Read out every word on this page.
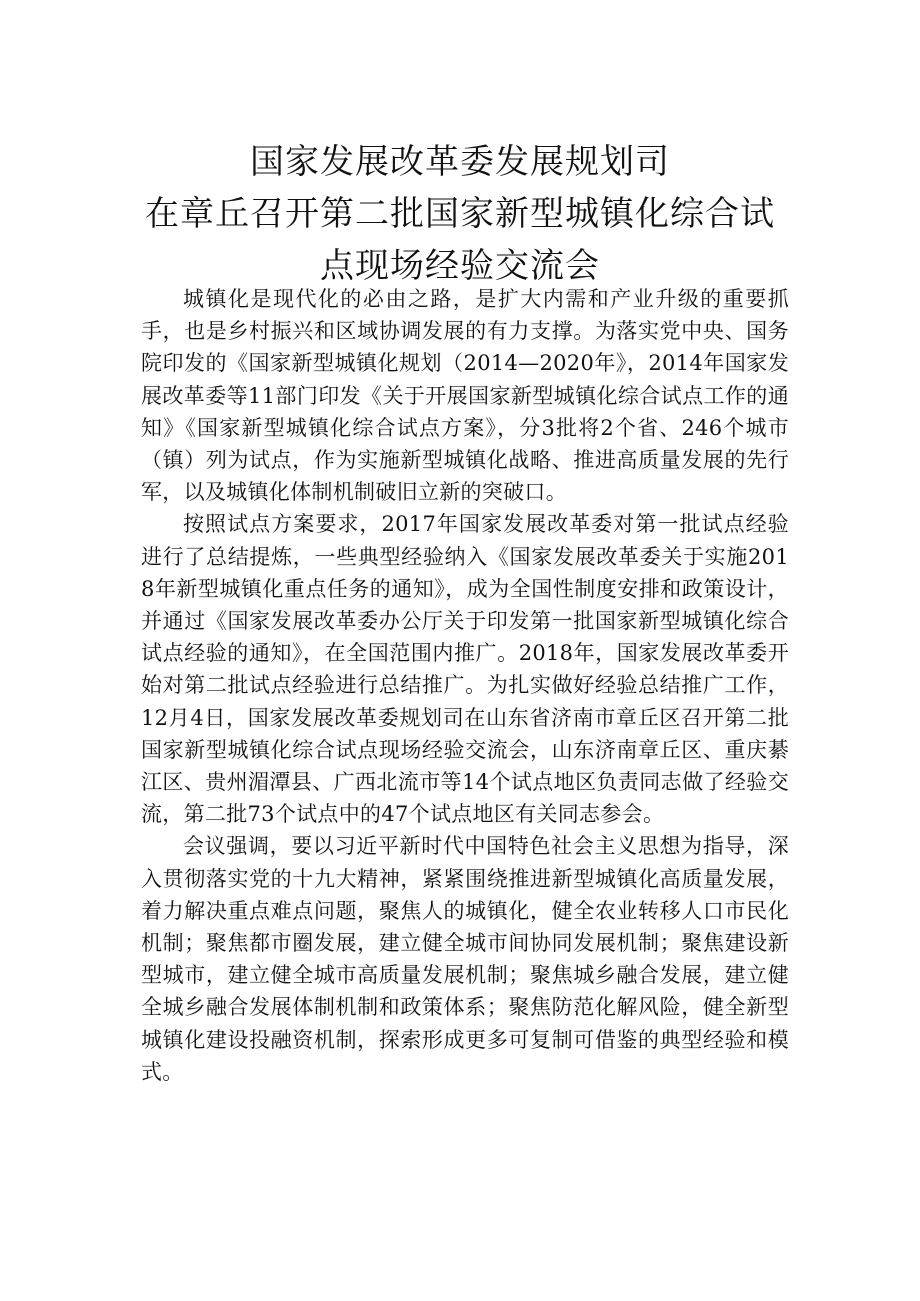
国家发展改革委发展规划司
在章丘召开第二批国家新型城镇化综合试
点现场经验交流会

城镇化是现代化的必由之路，是扩大内需和产业升级的重要抓手，也是乡村振兴和区域协调发展的有力支撑。为落实党中央、国务院印发的《国家新型城镇化规划（2014—2020年》，2014年国家发展改革委等11部门印发《关于开展国家新型城镇化综合试点工作的通知》《国家新型城镇化综合试点方案》，分3批将2个省、246个城市（镇）列为试点，作为实施新型城镇化战略、推进高质量发展的先行军，以及城镇化体制机制破旧立新的突破口。

按照试点方案要求，2017年国家发展改革委对第一批试点经验进行了总结提炼，一些典型经验纳入《国家发展改革委关于实施2018年新型城镇化重点任务的通知》，成为全国性制度安排和政策设计，并通过《国家发展改革委办公厅关于印发第一批国家新型城镇化综合试点经验的通知》，在全国范围内推广。2018年，国家发展改革委开始对第二批试点经验进行总结推广。为扎实做好经验总结推广工作，12月4日，国家发展改革委规划司在山东省济南市章丘区召开第二批国家新型城镇化综合试点现场经验交流会，山东济南章丘区、重庆綦江区、贵州湄潭县、广西北流市等14个试点地区负责同志做了经验交流，第二批73个试点中的47个试点地区有关同志参会。

会议强调，要以习近平新时代中国特色社会主义思想为指导，深入贯彻落实党的十九大精神，紧紧围绕推进新型城镇化高质量发展，着力解决重点难点问题，聚焦人的城镇化，健全农业转移人口市民化机制；聚焦都市圈发展，建立健全城市间协同发展机制；聚焦建设新型城市，建立健全城市高质量发展机制；聚焦城乡融合发展，建立健全城乡融合发展体制机制和政策体系；聚焦防范化解风险，健全新型城镇化建设投融资机制，探索形成更多可复制可借鉴的典型经验和模式。
